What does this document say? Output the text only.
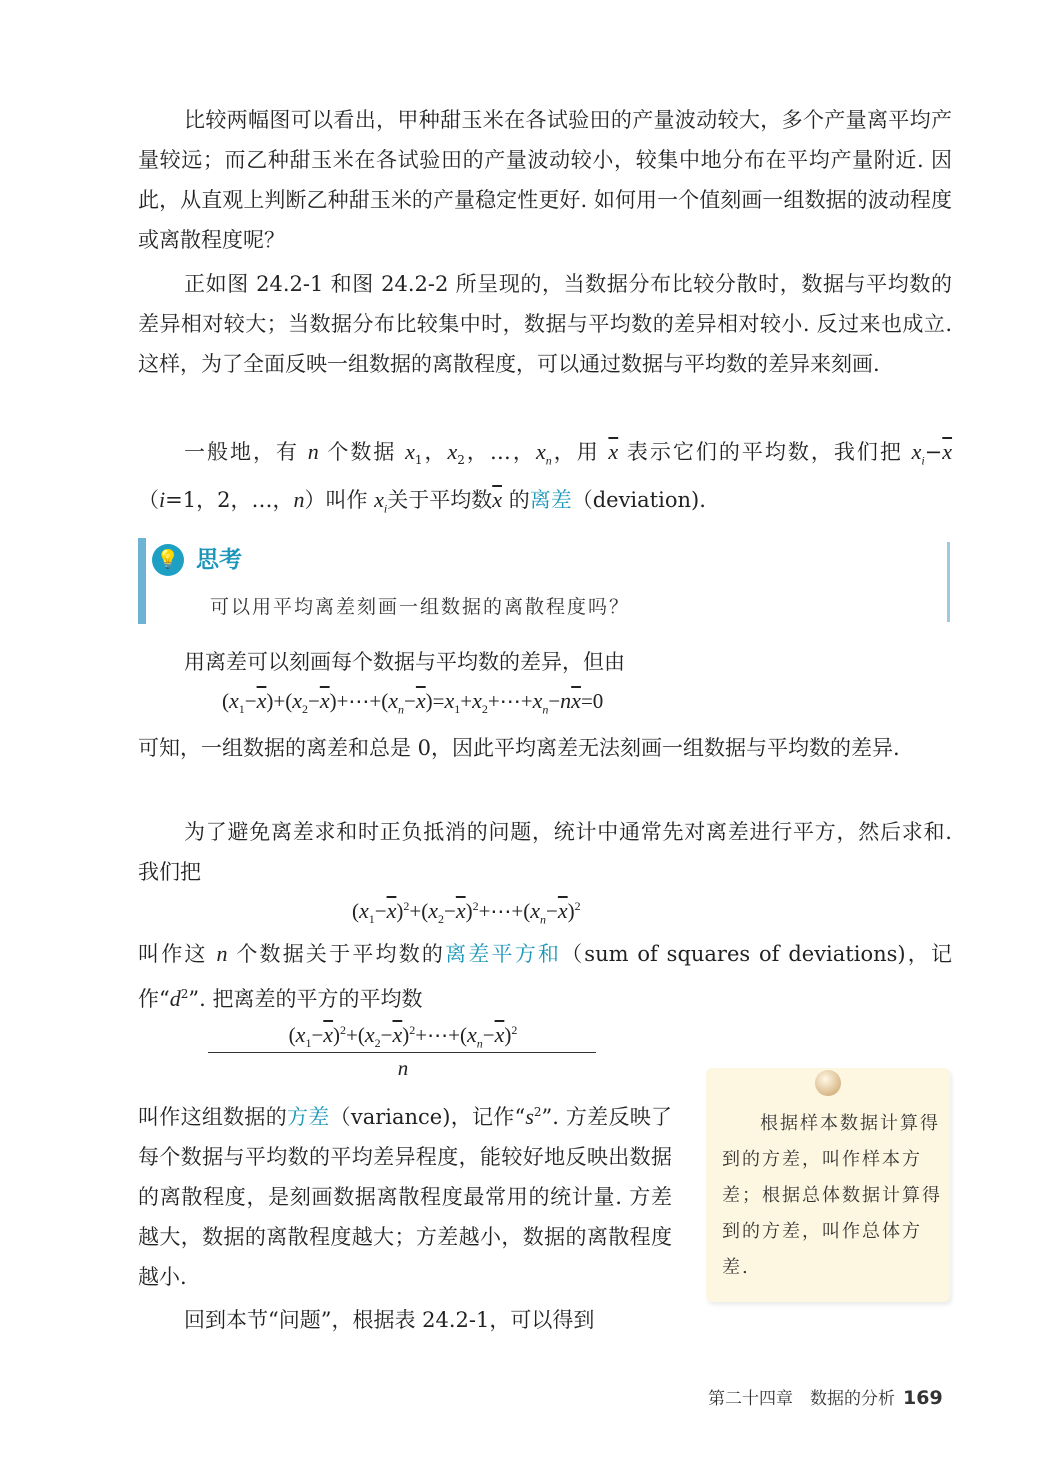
比较两幅图可以看出，甲种甜玉米在各试验田的产量波动较大，多个产量离平均产量较远；而乙种甜玉米在各试验田的产量波动较小，较集中地分布在平均产量附近. 因此，从直观上判断乙种甜玉米的产量稳定性更好. 如何用一个值刻画一组数据的波动程度或离散程度呢？

正如图 24.2-1 和图 24.2-2 所呈现的，当数据分布比较分散时，数据与平均数的差异相对较大；当数据分布比较集中时，数据与平均数的差异相对较小. 反过来也成立. 这样，为了全面反映一组数据的离散程度，可以通过数据与平均数的差异来刻画.

一般地，有 n 个数据 $x_1$，$x_2$，…，$x_n$，用 $\overline{x}$ 表示它们的平均数，我们把 $x_i-\overline{x}(i=1$，2，…，n）叫作 $x_i$关于平均数$\overline{x}$ 的离差（deviation).

💡 思考
可以用平均离差刻画一组数据的离散程度吗？

用离差可以刻画每个数据与平均数的差异，但由

$(x_1-\overline{x})+(x_2-\overline{x})+\cdots+(x_n-\overline{x})=x_1+x_2+\cdots+x_n-n\overline{x}=0$

可知，一组数据的离差和总是 0，因此平均离差无法刻画一组数据与平均数的差异.

为了避免离差求和时正负抵消的问题，统计中通常先对离差进行平方，然后求和. 我们把

$(x_1-\overline{x})^2+(x_2-\overline{x})^2+\cdots+(x_n-\overline{x})^2$

叫作这 n 个数据关于平均数的离差平方和（sum of squares of deviations)，记作“$d^2$”. 把离差的平方的平均数

$(x_1-\overline{x})^2+(x_2-\overline{x})^2+\cdots+(x_n-\overline{x})^2$
n

叫作这组数据的方差（variance)，记作“$s^2$”. 方差反映了每个数据与平均数的平均差异程度，能较好地反映出数据的离散程度，是刻画数据离散程度最常用的统计量. 方差越大，数据的离散程度越大；方差越小，数据的离散程度越小.

根据样本数据计算得到的方差，叫作样本方差；根据总体数据计算得到的方差，叫作总体方差.

回到本节“问题”，根据表 24.2-1，可以得到

第二十四章　数据的分析 169
